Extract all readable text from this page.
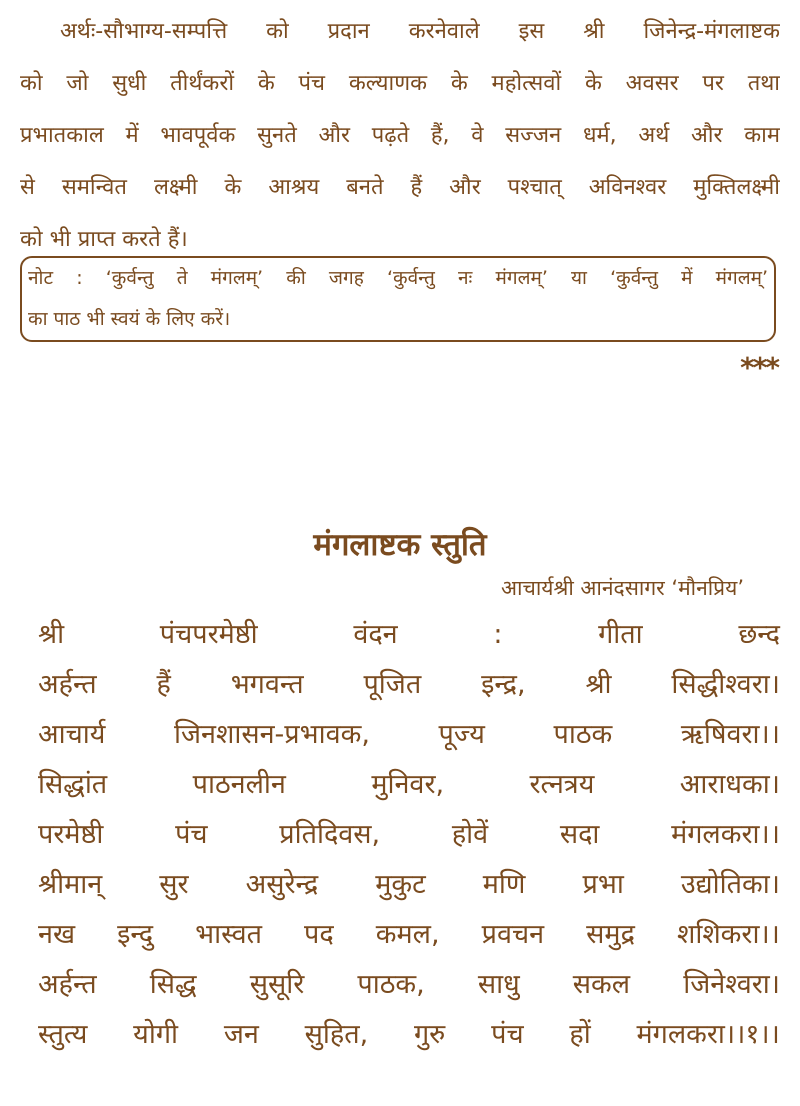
अर्थः-सौभाग्य-सम्पत्ति को प्रदान करनेवाले इस श्री जिनेन्द्र-मंगलाष्टक
को जो सुधी तीर्थंकरों के पंच कल्याणक के महोत्सवों के अवसर पर तथा
प्रभातकाल में भावपूर्वक सुनते और पढ़ते हैं, वे सज्जन धर्म, अर्थ और काम
से समन्वित लक्ष्मी के आश्रय बनते हैं और पश्चात् अविनश्वर मुक्तिलक्ष्मी
को भी प्राप्त करते हैं।
नोट : ‘कुर्वन्तु ते मंगलम्’ की जगह ‘कुर्वन्तु नः मंगलम्’ या ‘कुर्वन्तु में मंगलम्’
का पाठ भी स्वयं के लिए करें।
***
मंगलाष्टक स्तुति
आचार्यश्री आनंदसागर ‘मौनप्रिय’
श्री	पंचपरमेष्ठी	वंदन	:	गीता	छन्द
अर्हन्त हैं भगवन्त पूजित इन्द्र, श्री सिद्धीश्वरा।
आचार्य	जिनशासन-प्रभावक,	पूज्य	पाठक	ऋषिवरा।।
सिद्धांत	पाठनलीन	मुनिवर,	रत्नत्रय	आराधका।
परमेष्ठी	पंच	प्रतिदिवस,	होवें	सदा	मंगलकरा।।
श्रीमान् सुर असुरेन्द्र मुकुट मणि प्रभा उद्योतिका।
नख इन्दु भास्वत पद कमल, प्रवचन समुद्र शशिकरा।।
अर्हन्त सिद्ध सुसूरि पाठक, साधु सकल जिनेश्वरा।
स्तुत्य योगी जन सुहित, गुरु पंच हों मंगलकरा।।१।।
